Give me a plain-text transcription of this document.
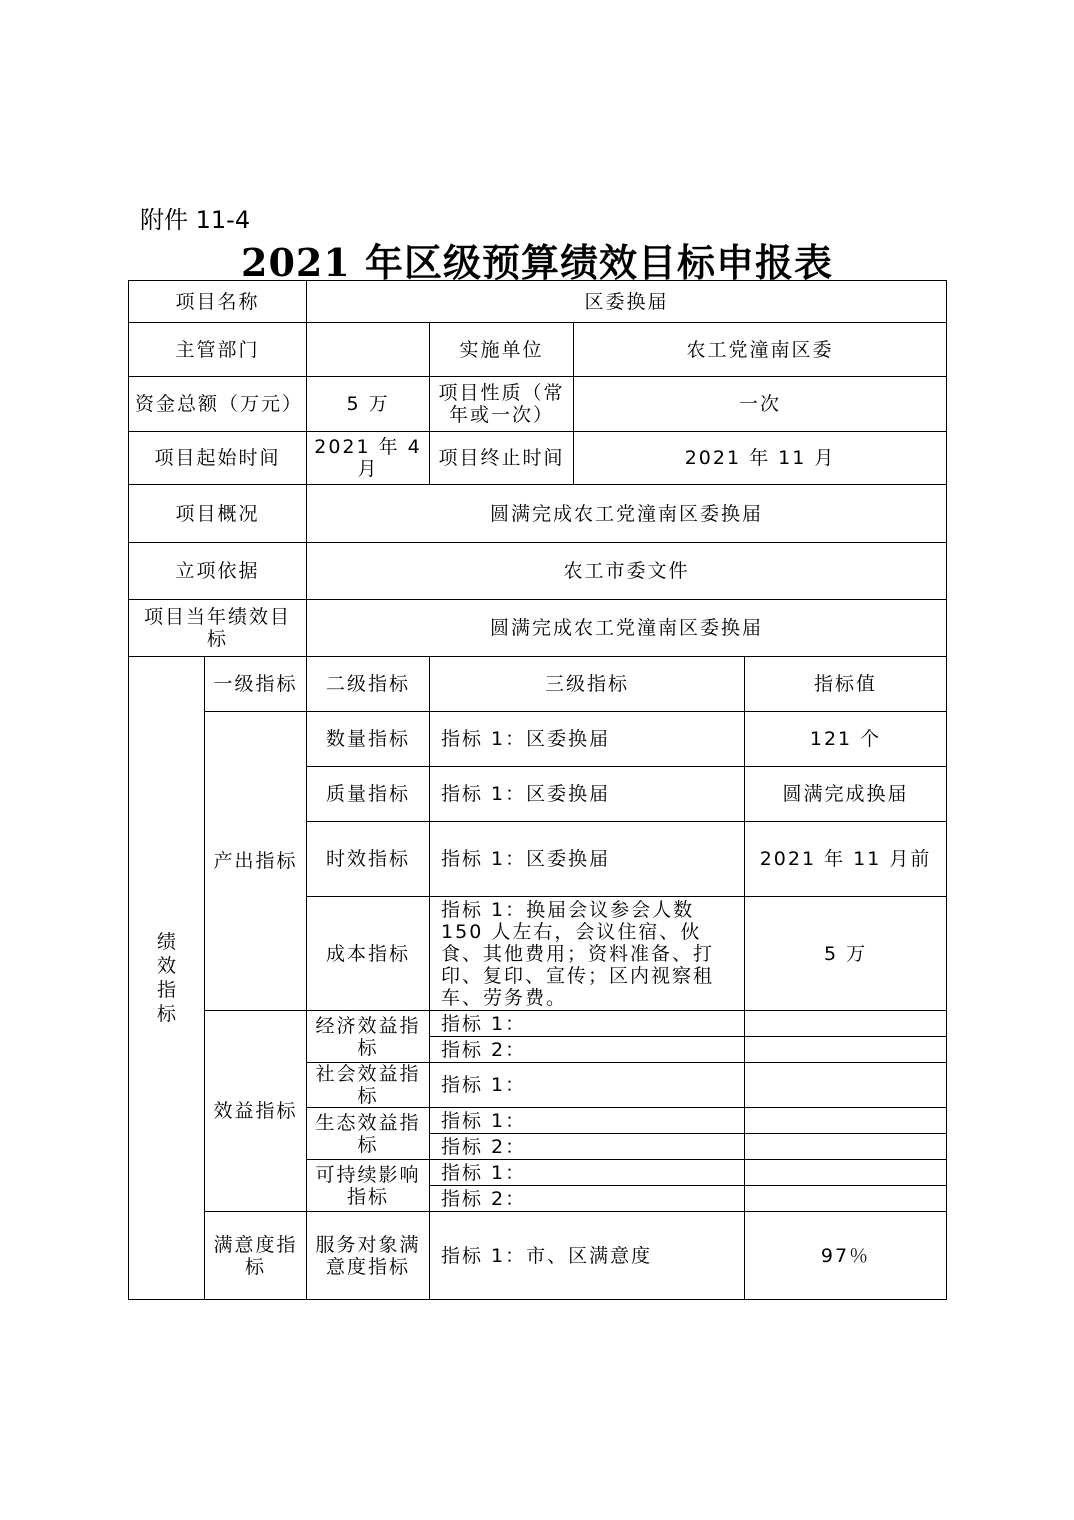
附件 11-4
2021 年区级预算绩效目标申报表
项目名称		区委换届			
主管部门			实施单位	农工党潼南区委	
资金总额（万元）		5 万	项目性质（常年或一次）	一次	
项目起始时间		2021 年 4 月	项目终止时间	2021 年 11 月	
项目概况		圆满完成农工党潼南区委换届			
立项依据		农工市委文件			
项目当年绩效目标		圆满完成农工党潼南区委换届			
绩效指标	一级指标	二级指标	三级指标		指标值
	产出指标	数量指标	指标 1：区委换届		121 个
		质量指标	指标 1：区委换届		圆满完成换届
		时效指标	指标 1：区委换届		2021 年 11 月前
		成本指标	指标 1：换届会议参会人数 150 人左右，会议住宿、伙食、其他费用；资料准备、打印、复印、宣传；区内视察租车、劳务费。		5 万
	效益指标	经济效益指标	指标 1：		
			指标 2：		
		社会效益指标	指标 1：		
		生态效益指标	指标 1：		
			指标 2：		
		可持续影响指标	指标 1：		
			指标 2：		
	满意度指标	服务对象满意度指标	指标 1：市、区满意度		97％
